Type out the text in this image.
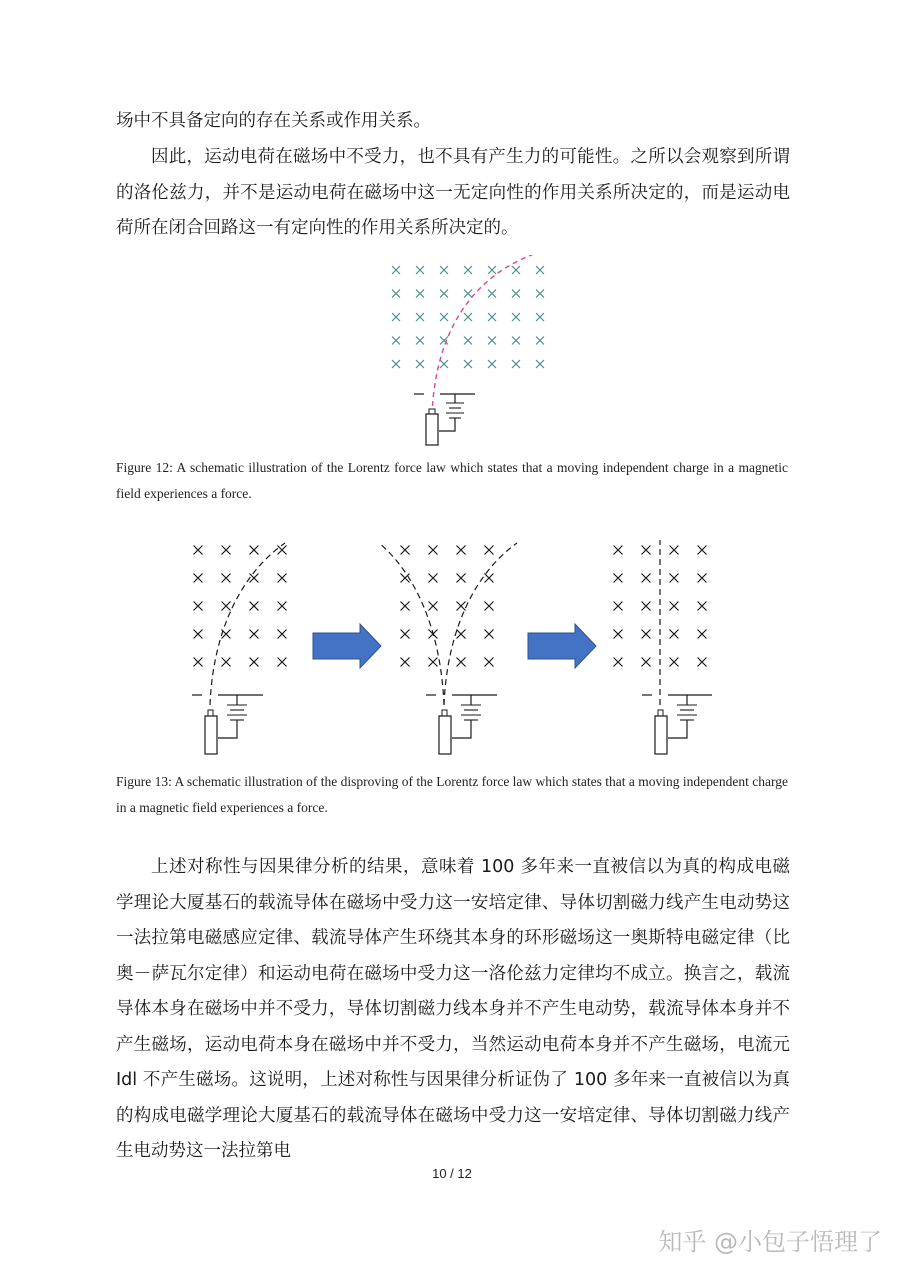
场中不具备定向的存在关系或作用关系。

因此，运动电荷在磁场中不受力，也不具有产生力的可能性。之所以会观察到所谓的洛伦兹力，并不是运动电荷在磁场中这一无定向性的作用关系所决定的，而是运动电荷所在闭合回路这一有定向性的作用关系所决定的。

Figure 12: A schematic illustration of the Lorentz force law which states that a moving independent charge in a magnetic field experiences a force.

Figure 13: A schematic illustration of the disproving of the Lorentz force law which states that a moving independent charge in a magnetic field experiences a force.

上述对称性与因果律分析的结果，意味着 100 多年来一直被信以为真的构成电磁学理论大厦基石的载流导体在磁场中受力这一安培定律、导体切割磁力线产生电动势这一法拉第电磁感应定律、载流导体产生环绕其本身的环形磁场这一奥斯特电磁定律（比奥－萨瓦尔定律）和运动电荷在磁场中受力这一洛伦兹力定律均不成立。换言之，载流导体本身在磁场中并不受力，导体切割磁力线本身并不产生电动势，载流导体本身并不产生磁场，运动电荷本身在磁场中并不受力，当然运动电荷本身并不产生磁场，电流元 Idl 不产生磁场。这说明，上述对称性与因果律分析证伪了 100 多年来一直被信以为真的构成电磁学理论大厦基石的载流导体在磁场中受力这一安培定律、导体切割磁力线产生电动势这一法拉第电

10 / 12
知乎 @小包子悟理了
